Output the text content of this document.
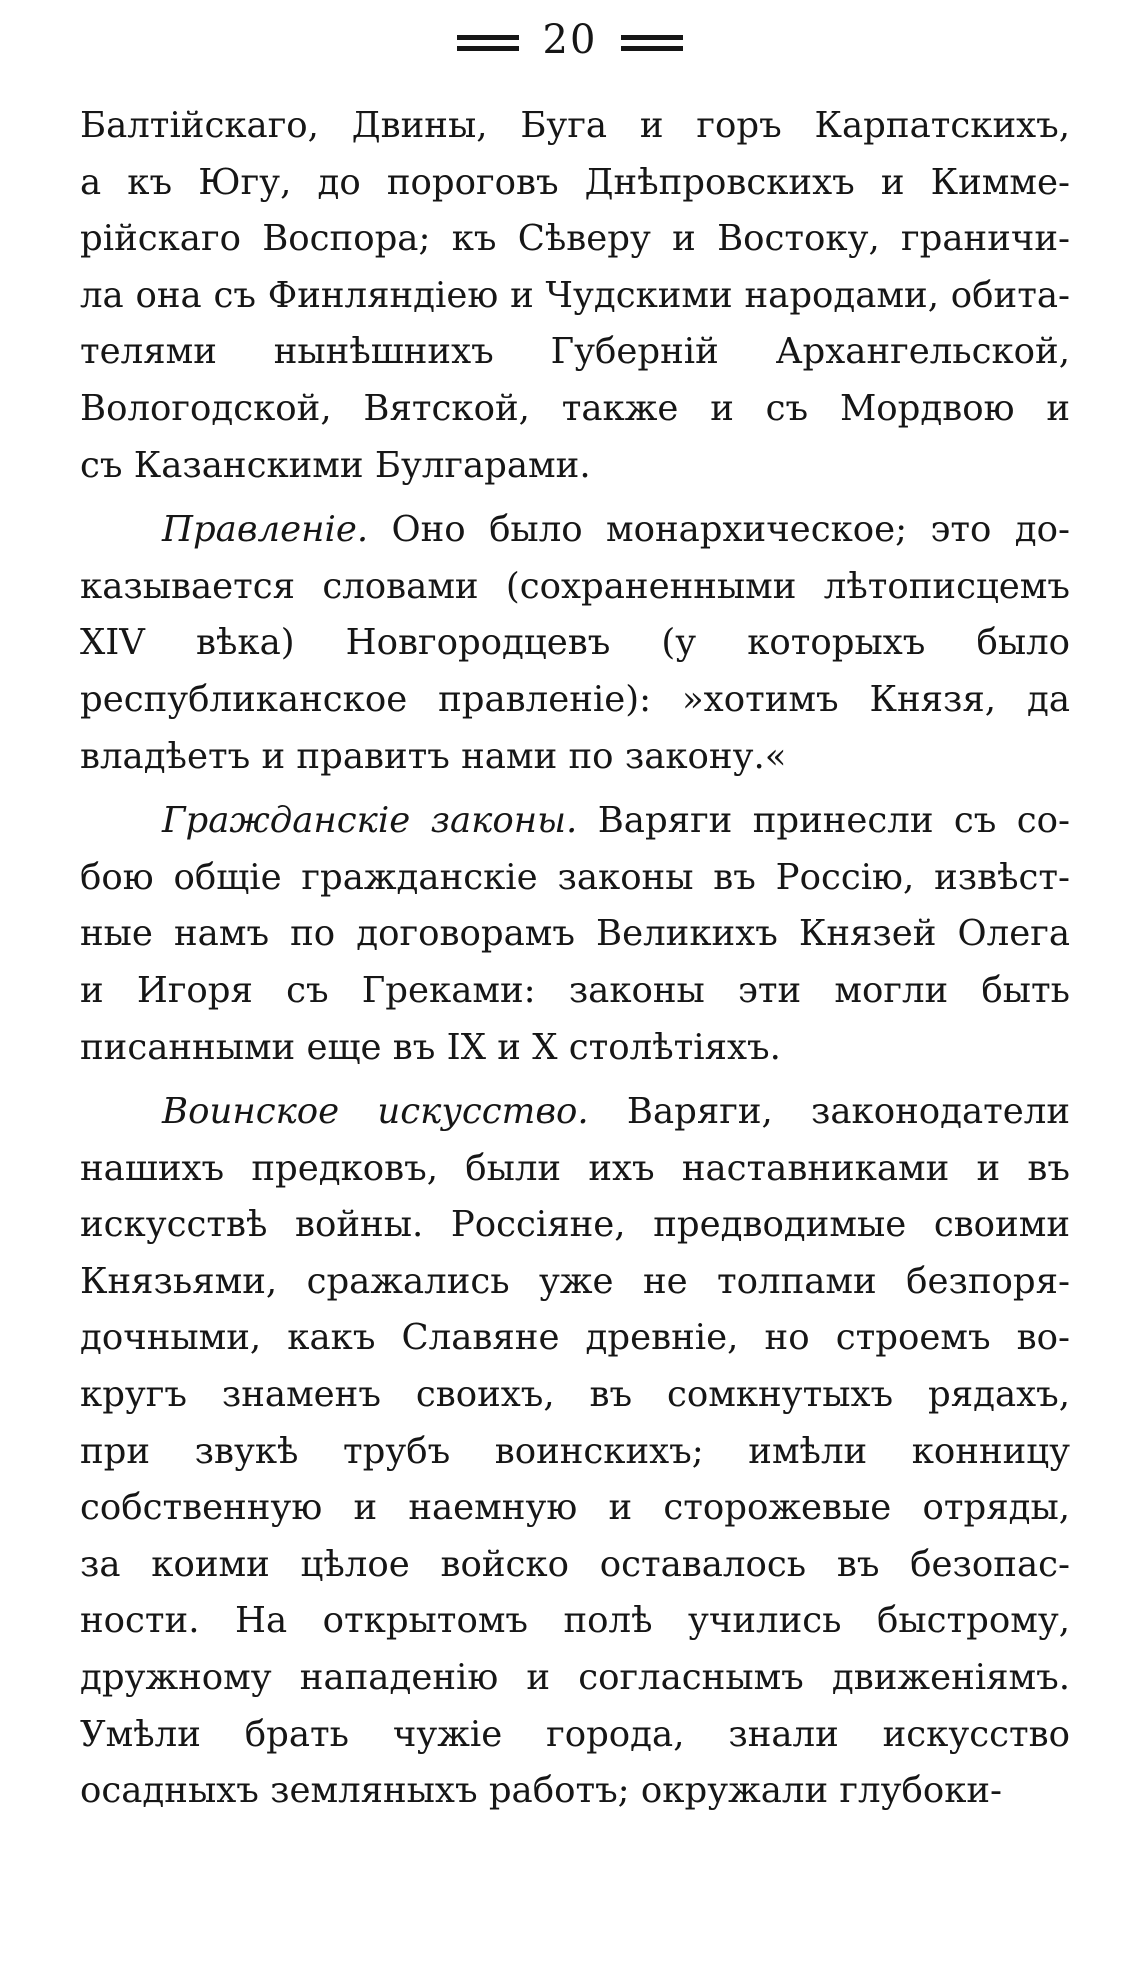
20
Балтійскаго, Двины, Буга и горъ Карпатскихъ,
а къ Югу, до пороговъ Днѣпровскихъ и Кимме-
рійскаго Воспора; къ Сѣверу и Востоку, граничи-
ла она съ Финляндіею и Чудскими народами, обита-
телями нынѣшнихъ Губерній Архангельской,
Вологодской, Вятской, также и съ Мордвою и
съ Казанскими Булгарами.
Правленіе. Оно было монархическое; это до-
казывается словами (сохраненными лѣтописцемъ
XIV вѣка) Новгородцевъ (у которыхъ было
республиканское правленіе): »хотимъ Князя, да
владѣетъ и правитъ нами по закону.«
Гражданскіе законы. Варяги принесли съ со-
бою общіе гражданскіе законы въ Россію, извѣст-
ные намъ по договорамъ Великихъ Князей Олега
и Игоря съ Греками: законы эти могли быть
писанными еще въ IX и X столѣтіяхъ.
Воинское искусство. Варяги, законодатели
нашихъ предковъ, были ихъ наставниками и въ
искусствѣ войны. Россіяне, предводимые своими
Князьями, сражались уже не толпами безпоря-
дочными, какъ Славяне древніе, но строемъ во-
кругъ знаменъ своихъ, въ сомкнутыхъ рядахъ,
при звукѣ трубъ воинскихъ; имѣли конницу
собственную и наемную и сторожевые отряды,
за коими цѣлое войско оставалось въ безопас-
ности. На открытомъ полѣ учились быстрому,
дружному нападенію и согласнымъ движеніямъ.
Умѣли брать чужіе города, знали искусство
осадныхъ земляныхъ работъ; окружали глубоки-
